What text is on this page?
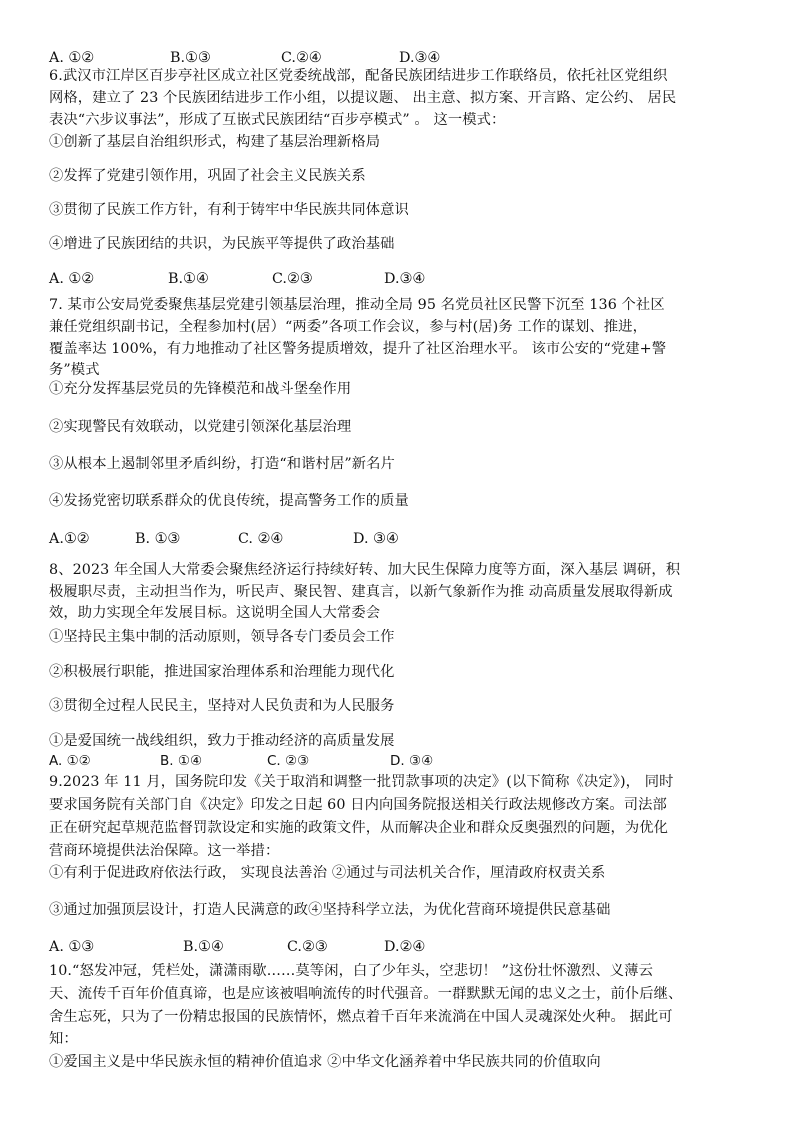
A. ①②	B.①③	C.②④	D.③④
6.武汉市江岸区百步亭社区成立社区党委统战部，配备民族团结进步工作联络员，依托社区党组织
网格，建立了 23 个民族团结进步工作小组，以提议题、 出主意、拟方案、开言路、定公约、 居民
表决“六步议事法”，形成了互嵌式民族团结“百步亭模式” 。 这一模式：
①创新了基层自治组织形式，构建了基层治理新格局
②发挥了党建引领作用，巩固了社会主义民族关系
③贯彻了民族工作方针，有利于铸牢中华民族共同体意识
④增进了民族团结的共识，为民族平等提供了政治基础
A. ①②	B.①④	C.②③	D.③④
7. 某市公安局党委聚焦基层党建引领基层治理，推动全局 95 名党员社区民警下沉至 136 个社区
兼任党组织副书记，全程参加村(居）“两委”各项工作会议，参与村(居)务 工作的谋划、推进，
覆盖率达 100%，有力地推动了社区警务提质增效，提升了社区治理水平。 该市公安的“党建+警
务”模式
①充分发挥基层党员的先锋模范和战斗堡垒作用
②实现警民有效联动，以党建引领深化基层治理
③从根本上遏制邻里矛盾纠纷，打造“和谐村居”新名片
④发扬党密切联系群众的优良传统，提高警务工作的质量
A.①②	B. ①③	C. ②④	D. ③④
8、2023 年全国人大常委会聚焦经济运行持续好转、加大民生保障力度等方面，深入基层 调研，积
极履职尽责，主动担当作为，听民声、聚民智、建真言，以新气象新作为推 动高质量发展取得新成
效，助力实现全年发展目标。这说明全国人大常委会
①坚持民主集中制的活动原则，领导各专门委员会工作
②积极展行职能，推进国家治理体系和治理能力现代化
③贯彻全过程人民民主，坚持对人民负责和为人民服务
①是爱国统一战线组织，致力于推动经济的高质量发展
A. ①②	B. ①④	C. ②③	D. ③④
9.2023 年 11 月，国务院印发《关于取消和调整一批罚款事项的决定》(以下简称《决定》)， 同时
要求国务院有关部门自《决定》印发之日起 60 日内向国务院报送相关行政法规修改方案。司法部
正在研究起草规范监督罚款设定和实施的政策文件，从而解决企业和群众反奥强烈的问题，为优化
营商环境提供法治保障。这一举措：
①有利于促进政府依法行政， 实现良法善治 ②通过与司法机关合作，厘清政府权责关系
③通过加强顶层设计，打造人民满意的政④坚持科学立法，为优化营商环境提供民意基础
A. ①③	B.①④	C.②③	D.②④
10.“怒发冲冠，凭栏处，潇潇雨歇……莫等闲，白了少年头，空悲切！ ”这份壮怀激烈、义薄云
天、流传千百年价值真谛，也是应该被唱响流传的时代强音。一群默默无闻的忠义之士，前仆后继、
舍生忘死，只为了一份精忠报国的民族情怀，燃点着千百年来流淌在中国人灵魂深处火种。 据此可
知：
①爱国主义是中华民族永恒的精神价值追求 ②中华文化涵养着中华民族共同的价值取向
